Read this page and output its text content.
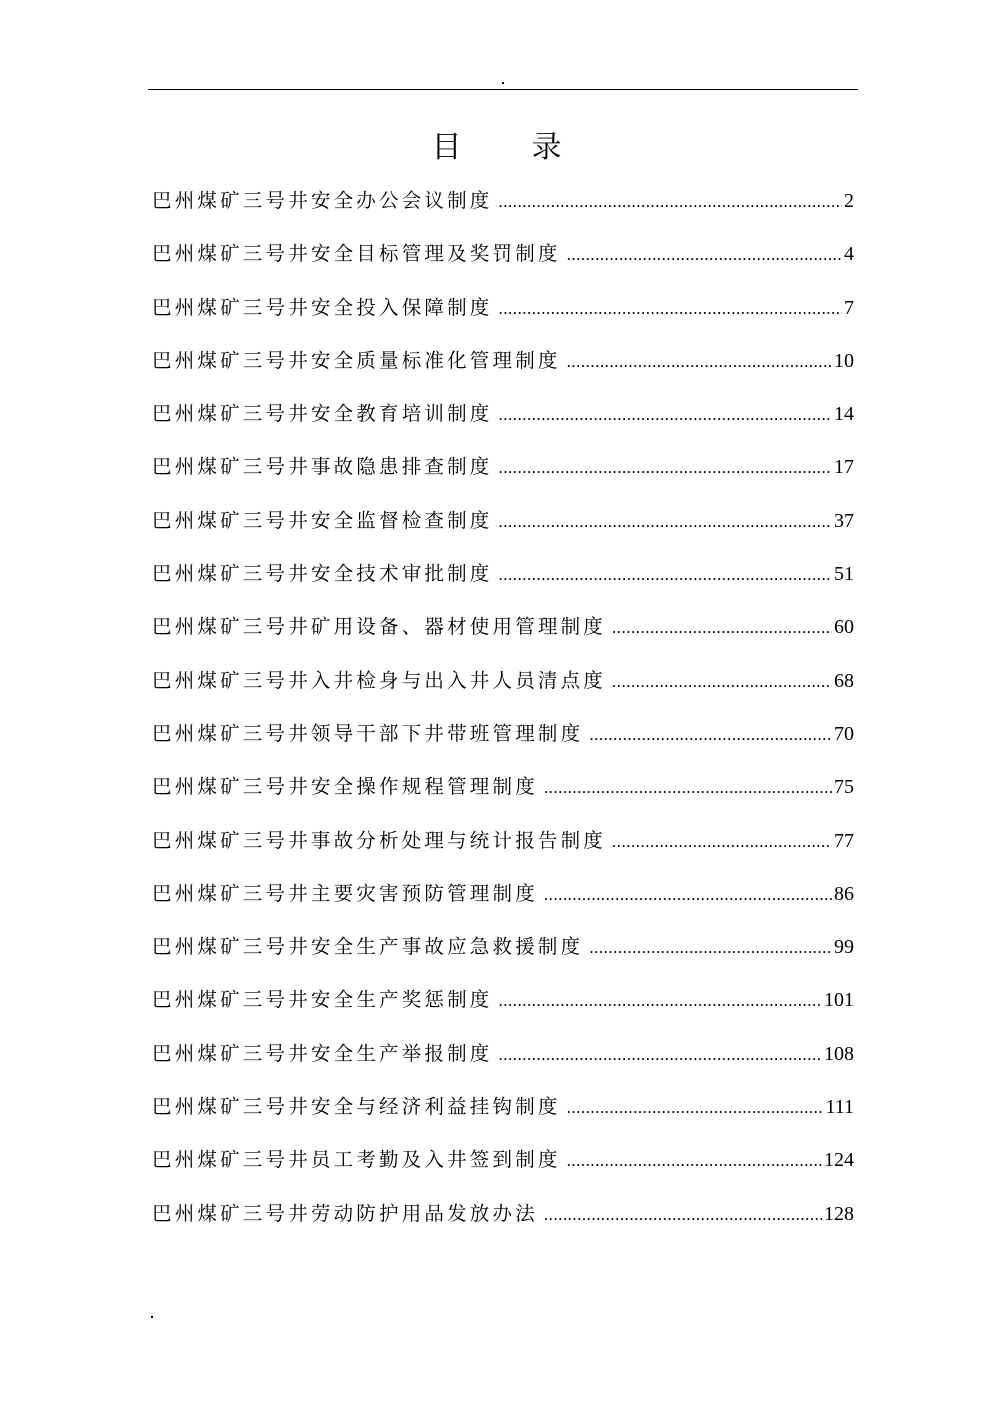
目 录
巴州煤矿三号井安全办公会议制度 .....	2
巴州煤矿三号井安全目标管理及奖罚制度 .....	4
巴州煤矿三号井安全投入保障制度 .....	7
巴州煤矿三号井安全质量标准化管理制度 .....	10
巴州煤矿三号井安全教育培训制度 .....	14
巴州煤矿三号井事故隐患排查制度 .....	17
巴州煤矿三号井安全监督检查制度 .....	37
巴州煤矿三号井安全技术审批制度 .....	51
巴州煤矿三号井矿用设备、器材使用管理制度 .....	60
巴州煤矿三号井入井检身与出入井人员清点度 .....	68
巴州煤矿三号井领导干部下井带班管理制度 .....	70
巴州煤矿三号井安全操作规程管理制度 .....	75
巴州煤矿三号井事故分析处理与统计报告制度 .....	77
巴州煤矿三号井主要灾害预防管理制度 .....	86
巴州煤矿三号井安全生产事故应急救援制度 .....	99
巴州煤矿三号井安全生产奖惩制度 .....	101
巴州煤矿三号井安全生产举报制度 .....	108
巴州煤矿三号井安全与经济利益挂钩制度 .....	111
巴州煤矿三号井员工考勤及入井签到制度 .....	124
巴州煤矿三号井劳动防护用品发放办法 .....	128
